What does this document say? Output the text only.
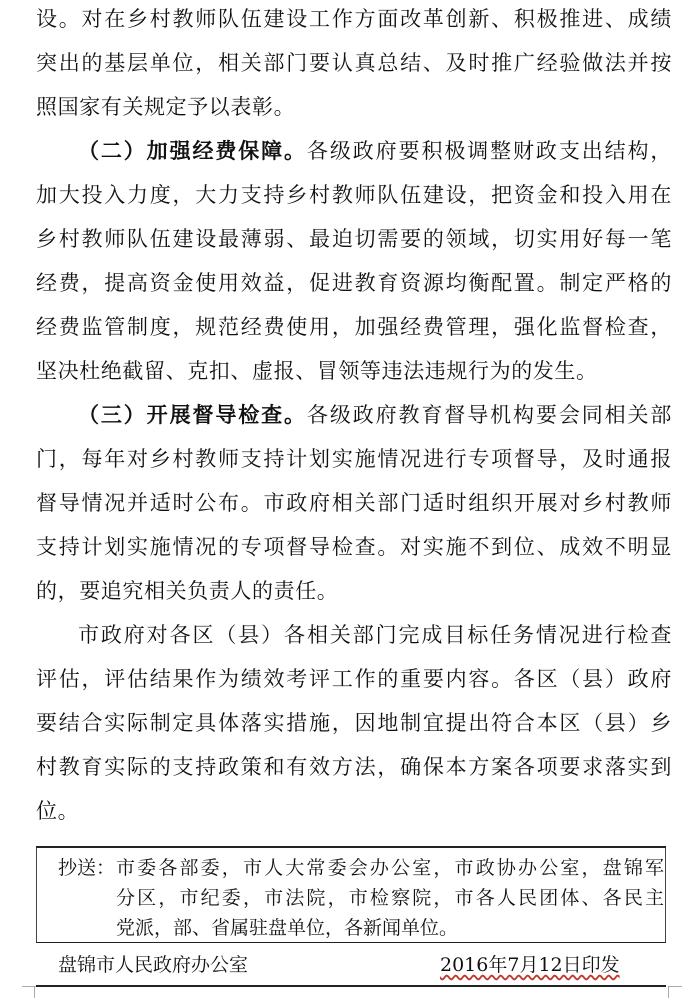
设。对在乡村教师队伍建设工作方面改革创新、积极推进、成绩
突出的基层单位，相关部门要认真总结、及时推广经验做法并按
照国家有关规定予以表彰。
（二）加强经费保障。各级政府要积极调整财政支出结构，
加大投入力度，大力支持乡村教师队伍建设，把资金和投入用在
乡村教师队伍建设最薄弱、最迫切需要的领域，切实用好每一笔
经费，提高资金使用效益，促进教育资源均衡配置。制定严格的
经费监管制度，规范经费使用，加强经费管理，强化监督检查，
坚决杜绝截留、克扣、虚报、冒领等违法违规行为的发生。
（三）开展督导检查。各级政府教育督导机构要会同相关部
门，每年对乡村教师支持计划实施情况进行专项督导，及时通报
督导情况并适时公布。市政府相关部门适时组织开展对乡村教师
支持计划实施情况的专项督导检查。对实施不到位、成效不明显
的，要追究相关负责人的责任。
市政府对各区（县）各相关部门完成目标任务情况进行检查
评估，评估结果作为绩效考评工作的重要内容。各区（县）政府
要结合实际制定具体落实措施，因地制宜提出符合本区（县）乡
村教育实际的支持政策和有效方法，确保本方案各项要求落实到
位。
抄送： 市委各部委，市人大常委会办公室，市政协办公室，盘锦军
分区，市纪委，市法院，市检察院，市各人民团体、各民主
党派，部、省属驻盘单位，各新闻单位。
盘锦市人民政府办公室	2016年7月12日印发
